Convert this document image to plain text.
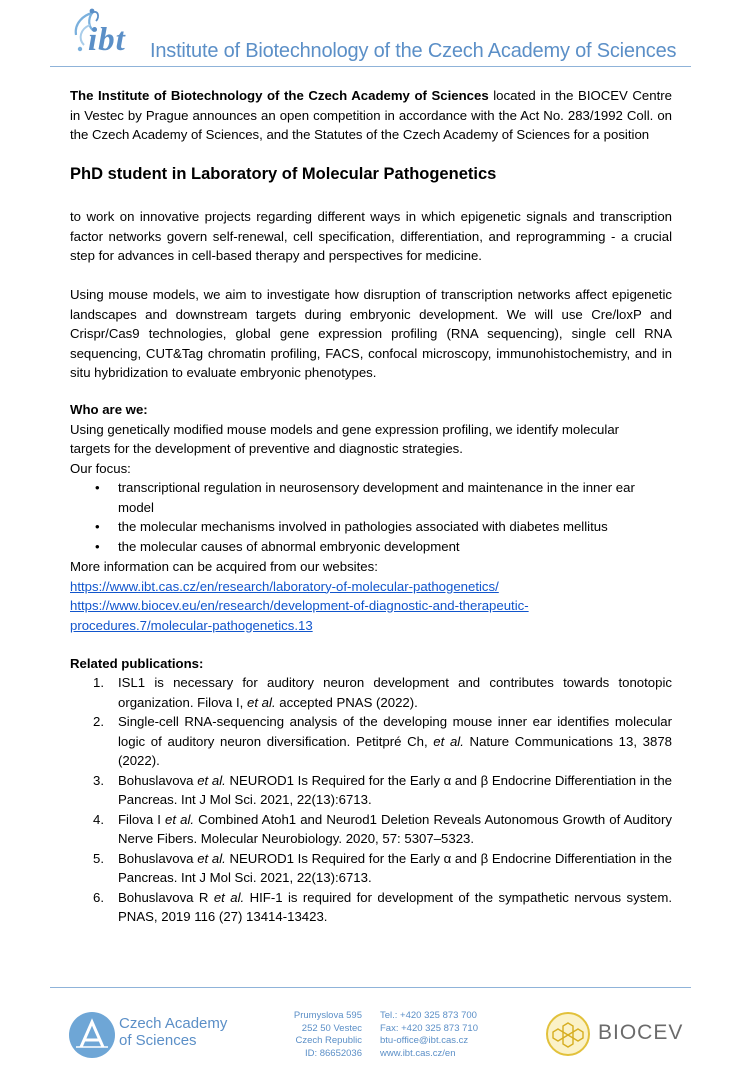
ibt Institute of Biotechnology of the Czech Academy of Sciences
The Institute of Biotechnology of the Czech Academy of Sciences located in the BIOCEV Centre in Vestec by Prague announces an open competition in accordance with the Act No. 283/1992 Coll. on the Czech Academy of Sciences, and the Statutes of the Czech Academy of Sciences for a position
PhD student in Laboratory of Molecular Pathogenetics
to work on innovative projects regarding different ways in which epigenetic signals and transcription factor networks govern self-renewal, cell specification, differentiation, and reprogramming - a crucial step for advances in cell-based therapy and perspectives for medicine.
Using mouse models, we aim to investigate how disruption of transcription networks affect epigenetic landscapes and downstream targets during embryonic development. We will use Cre/loxP and Crispr/Cas9 technologies, global gene expression profiling (RNA sequencing), single cell RNA sequencing, CUT&Tag chromatin profiling, FACS, confocal microscopy, immunohistochemistry, and in situ hybridization to evaluate embryonic phenotypes.
Who are we:
Using genetically modified mouse models and gene expression profiling, we identify molecular targets for the development of preventive and diagnostic strategies.
Our focus:
• transcriptional regulation in neurosensory development and maintenance in the inner ear model
• the molecular mechanisms involved in pathologies associated with diabetes mellitus
• the molecular causes of abnormal embryonic development
More information can be acquired from our websites:
https://www.ibt.cas.cz/en/research/laboratory-of-molecular-pathogenetics/
https://www.biocev.eu/en/research/development-of-diagnostic-and-therapeutic-
procedures.7/molecular-pathogenetics.13
Related publications:
1. ISL1 is necessary for auditory neuron development and contributes towards tonotopic organization. Filova I, et al. accepted PNAS (2022).
2. Single-cell RNA-sequencing analysis of the developing mouse inner ear identifies molecular logic of auditory neuron diversification. Petitpré Ch, et al. Nature Communications 13, 3878 (2022).
3. Bohuslavova et al. NEUROD1 Is Required for the Early α and β Endocrine Differentiation in the Pancreas. Int J Mol Sci. 2021, 22(13):6713.
4. Filova I et al. Combined Atoh1 and Neurod1 Deletion Reveals Autonomous Growth of Auditory Nerve Fibers. Molecular Neurobiology. 2020, 57: 5307–5323.
5. Bohuslavova et al. NEUROD1 Is Required for the Early α and β Endocrine Differentiation in the Pancreas. Int J Mol Sci. 2021, 22(13):6713.
6. Bohuslavova R et al. HIF-1 is required for development of the sympathetic nervous system. PNAS, 2019 116 (27) 13414-13423.
Czech Academy
of Sciences
Prumyslova 595
252 50 Vestec
Czech Republic
ID: 86652036
Tel.: +420 325 873 700
Fax: +420 325 873 710
btu-office@ibt.cas.cz
www.ibt.cas.cz/en
BIOCEV
